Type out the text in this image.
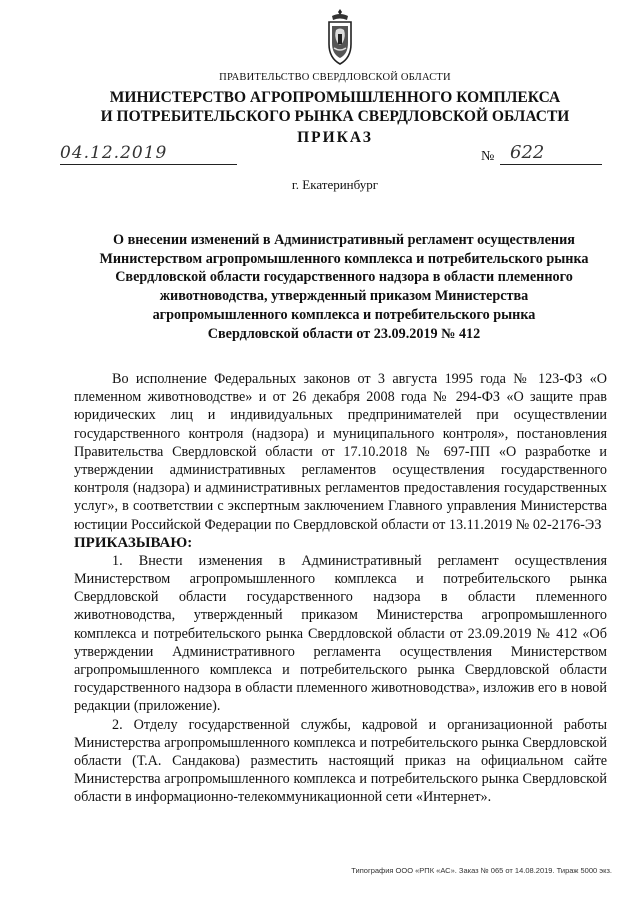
ПРАВИТЕЛЬСТВО СВЕРДЛОВСКОЙ ОБЛАСТИ
МИНИСТЕРСТВО АГРОПРОМЫШЛЕННОГО КОМПЛЕКСА
И ПОТРЕБИТЕЛЬСКОГО РЫНКА СВЕРДЛОВСКОЙ ОБЛАСТИ
ПРИКАЗ
04.12.2019	№ 622
г. Екатеринбург
О внесении изменений в Административный регламент осуществления
Министерством агропромышленного комплекса и потребительского рынка
Свердловской области государственного надзора в области племенного
животноводства, утвержденный приказом Министерства
агропромышленного комплекса и потребительского рынка
Свердловской области от 23.09.2019 № 412
Во исполнение Федеральных законов от 3 августа 1995 года № 123-ФЗ «О племенном животноводстве» и от 26 декабря 2008 года № 294-ФЗ «О защите прав юридических лиц и индивидуальных предпринимателей при осуществлении государственного контроля (надзора) и муниципального контроля», постановления Правительства Свердловской области от 17.10.2018 № 697-ПП «О разработке и утверждении административных регламентов осуществления государственного контроля (надзора) и административных регламентов предоставления государственных услуг», в соответствии с экспертным заключением Главного управления Министерства юстиции Российской Федерации по Свердловской области от 13.11.2019 № 02-2176-ЭЗ
ПРИКАЗЫВАЮ:
1. Внести изменения в Административный регламент осуществления Министерством агропромышленного комплекса и потребительского рынка Свердловской области государственного надзора в области племенного животноводства, утвержденный приказом Министерства агропромышленного комплекса и потребительского рынка Свердловской области от 23.09.2019 № 412 «Об утверждении Административного регламента осуществления Министерством агропромышленного комплекса и потребительского рынка Свердловской области государственного надзора в области племенного животноводства», изложив его в новой редакции (приложение).
2. Отделу государственной службы, кадровой и организационной работы Министерства агропромышленного комплекса и потребительского рынка Свердловской области (Т.А. Сандакова) разместить настоящий приказ на официальном сайте Министерства агропромышленного комплекса и потребительского рынка Свердловской области в информационно-телекоммуникационной сети «Интернет».
Типография ООО «РПК «АС». Заказ № 065 от 14.08.2019. Тираж 5000 экз.
